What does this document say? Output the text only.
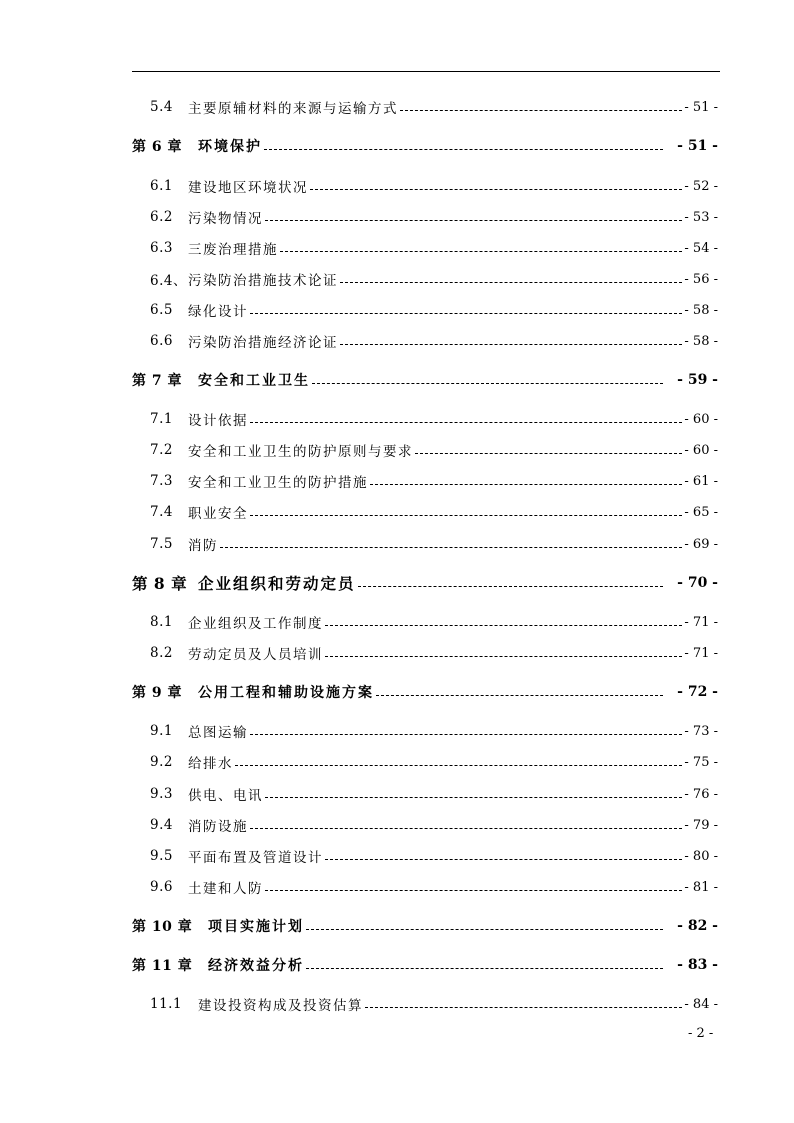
5.4	主要原辅材料的来源与运输方式	- 51 -
第 6 章	环境保护	- 51 -
6.1	建设地区环境状况	- 52 -
6.2	污染物情况	- 53 -
6.3	三废治理措施	- 54 -
6.4、 污染防治措施技术论证	- 56 -
6.5	绿化设计	- 58 -
6.6	污染防治措施经济论证	- 58 -
第 7 章	安全和工业卫生	- 59 -
7.1	设计依据	- 60 -
7.2	安全和工业卫生的防护原则与要求	- 60 -
7.3	安全和工业卫生的防护措施	- 61 -
7.4	职业安全	- 65 -
7.5	消防	- 69 -
第 8 章 企业组织和劳动定员	- 70 -
8.1	企业组织及工作制度	- 71 -
8.2	劳动定员及人员培训	- 71 -
第 9 章	公用工程和辅助设施方案	- 72 -
9.1	总图运输	- 73 -
9.2	给排水	- 75 -
9.3	供电、电讯	- 76 -
9.4	消防设施	- 79 -
9.5	平面布置及管道设计	- 80 -
9.6	土建和人防	- 81 -
第 10 章	项目实施计划	- 82 -
第 11 章	经济效益分析	- 83 -
11.1	建设投资构成及投资估算	- 84 -
- 2 -
